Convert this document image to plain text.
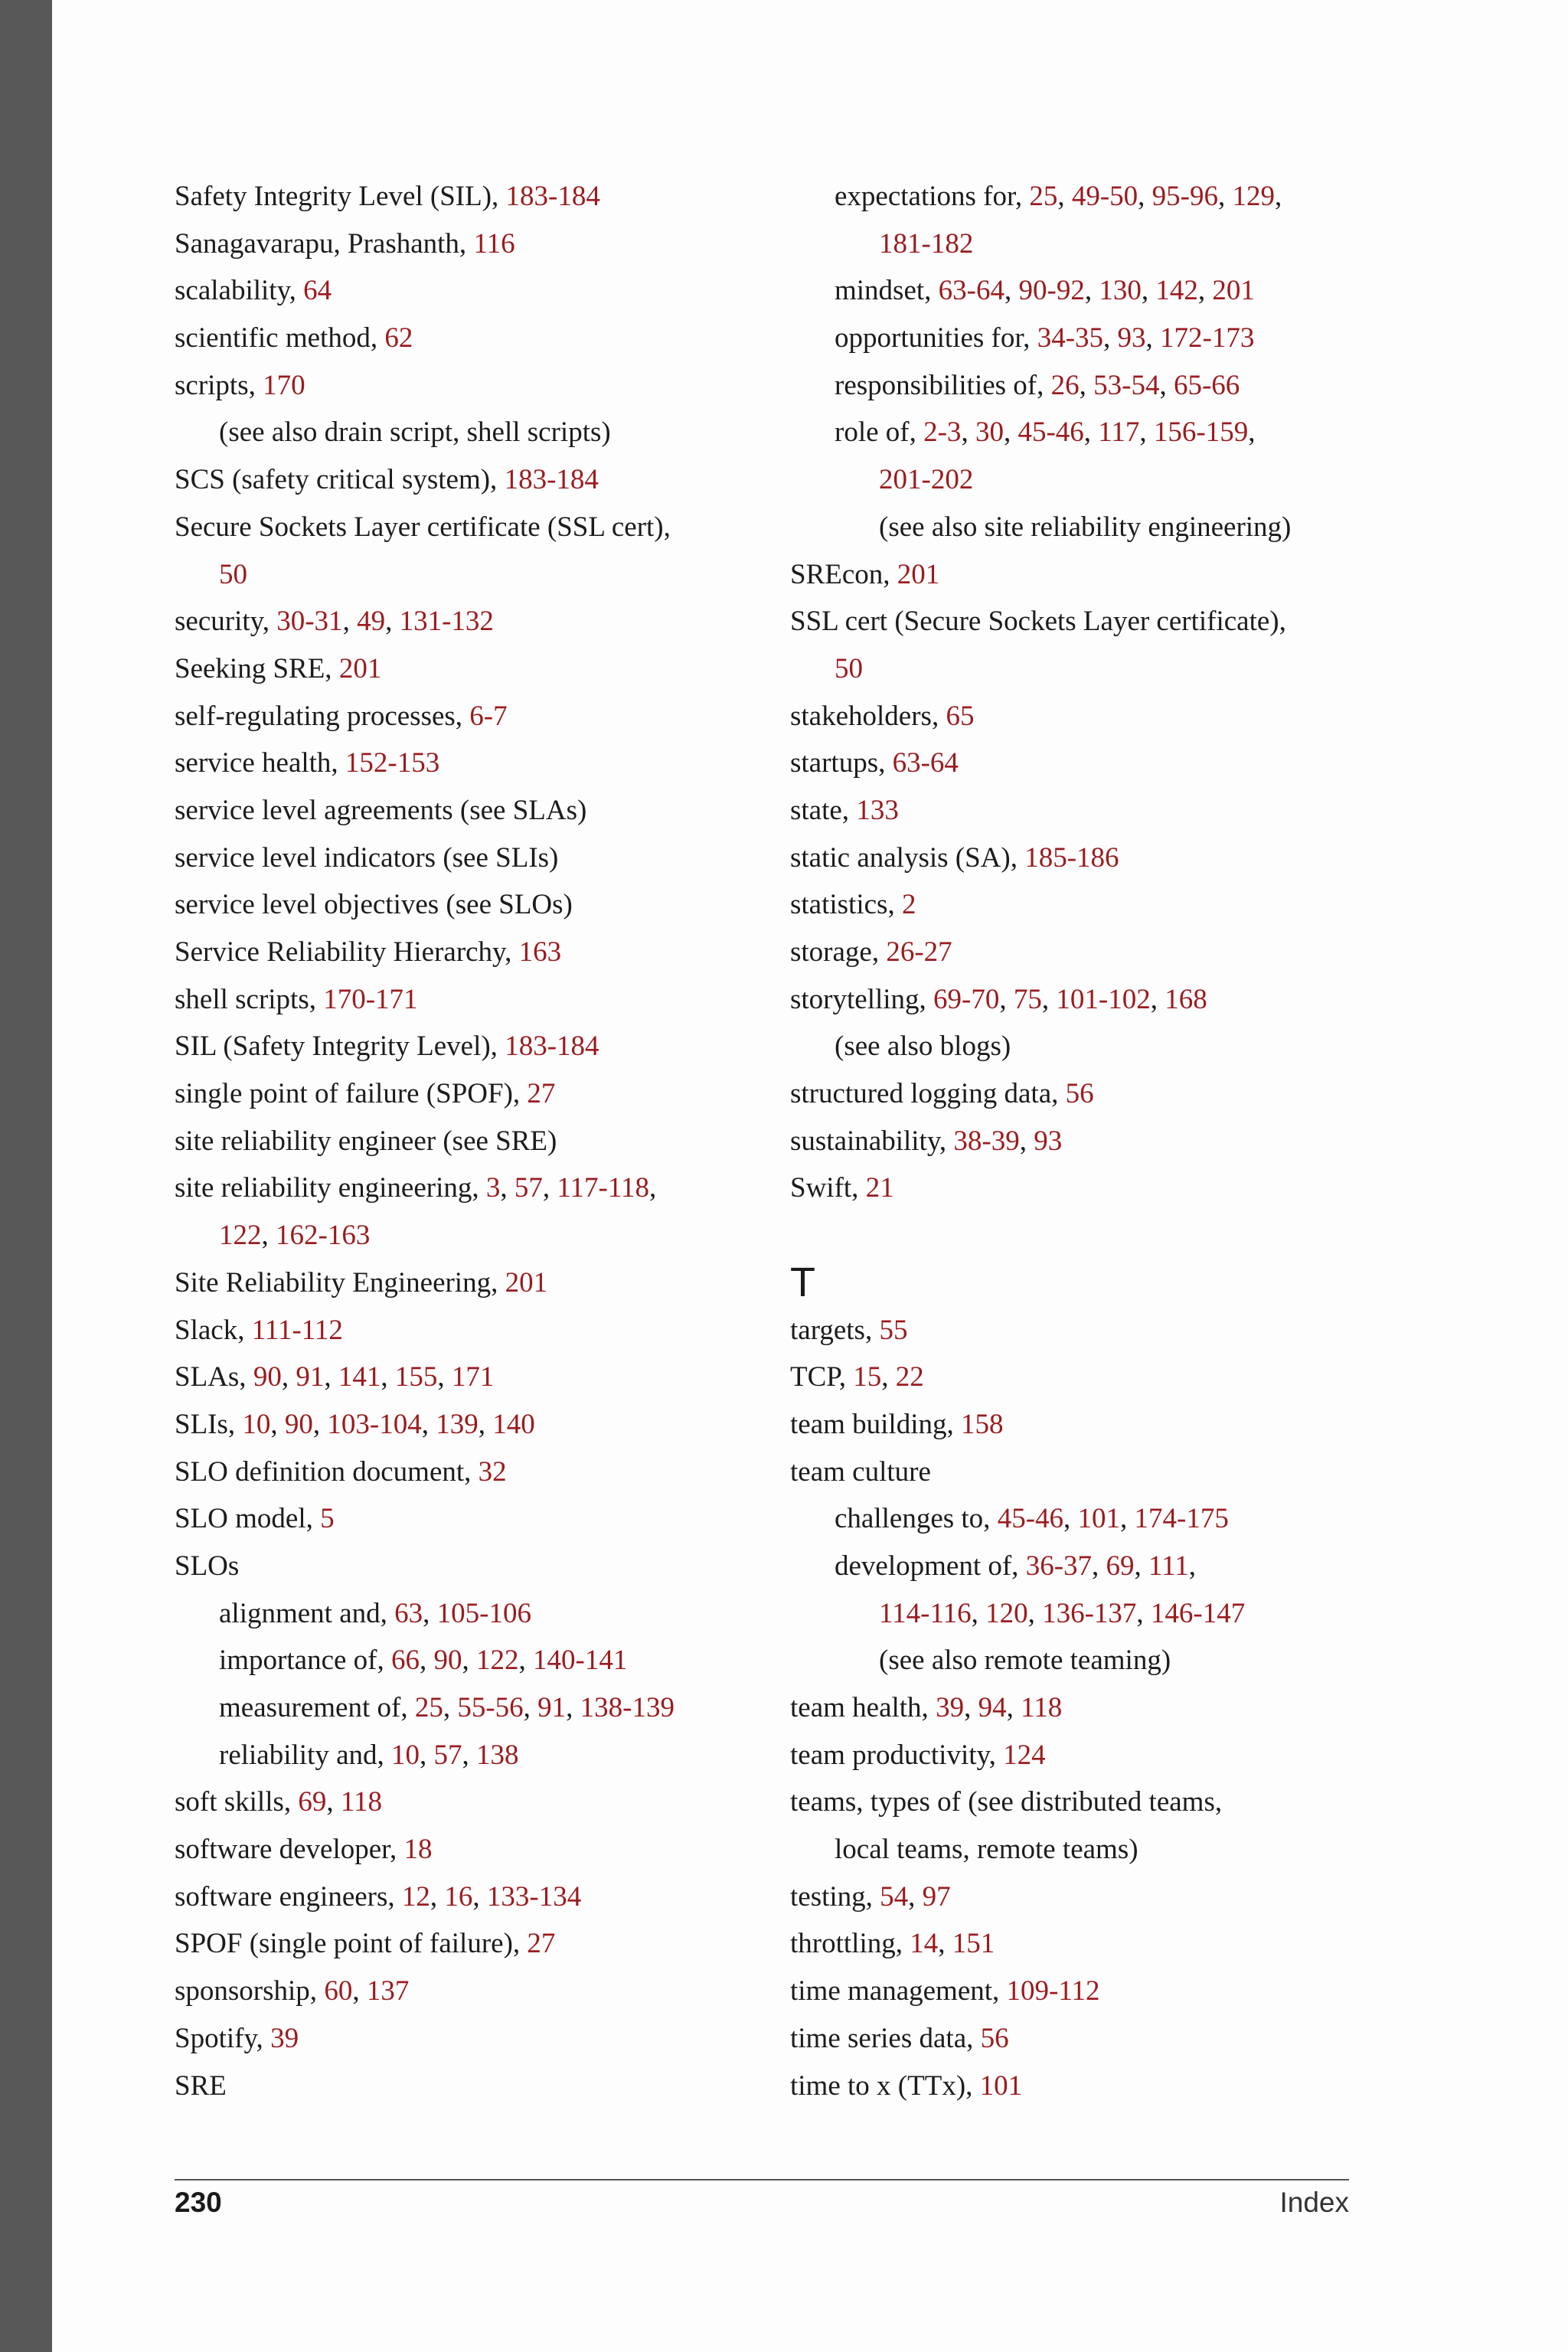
Safety Integrity Level (SIL), 183-184
Sanagavarapu, Prashanth, 116
scalability, 64
scientific method, 62
scripts, 170
(see also drain script, shell scripts)
SCS (safety critical system), 183-184
Secure Sockets Layer certificate (SSL cert),
50
security, 30-31, 49, 131-132
Seeking SRE, 201
self-regulating processes, 6-7
service health, 152-153
service level agreements (see SLAs)
service level indicators (see SLIs)
service level objectives (see SLOs)
Service Reliability Hierarchy, 163
shell scripts, 170-171
SIL (Safety Integrity Level), 183-184
single point of failure (SPOF), 27
site reliability engineer (see SRE)
site reliability engineering, 3, 57, 117-118,
122, 162-163
Site Reliability Engineering, 201
Slack, 111-112
SLAs, 90, 91, 141, 155, 171
SLIs, 10, 90, 103-104, 139, 140
SLO definition document, 32
SLO model, 5
SLOs
alignment and, 63, 105-106
importance of, 66, 90, 122, 140-141
measurement of, 25, 55-56, 91, 138-139
reliability and, 10, 57, 138
soft skills, 69, 118
software developer, 18
software engineers, 12, 16, 133-134
SPOF (single point of failure), 27
sponsorship, 60, 137
Spotify, 39
SRE
expectations for, 25, 49-50, 95-96, 129,
181-182
mindset, 63-64, 90-92, 130, 142, 201
opportunities for, 34-35, 93, 172-173
responsibilities of, 26, 53-54, 65-66
role of, 2-3, 30, 45-46, 117, 156-159,
201-202
(see also site reliability engineering)
SREcon, 201
SSL cert (Secure Sockets Layer certificate),
50
stakeholders, 65
startups, 63-64
state, 133
static analysis (SA), 185-186
statistics, 2
storage, 26-27
storytelling, 69-70, 75, 101-102, 168
(see also blogs)
structured logging data, 56
sustainability, 38-39, 93
Swift, 21
T
targets, 55
TCP, 15, 22
team building, 158
team culture
challenges to, 45-46, 101, 174-175
development of, 36-37, 69, 111,
114-116, 120, 136-137, 146-147
(see also remote teaming)
team health, 39, 94, 118
team productivity, 124
teams, types of (see distributed teams,
local teams, remote teams)
testing, 54, 97
throttling, 14, 151
time management, 109-112
time series data, 56
time to x (TTx), 101
230	Index
